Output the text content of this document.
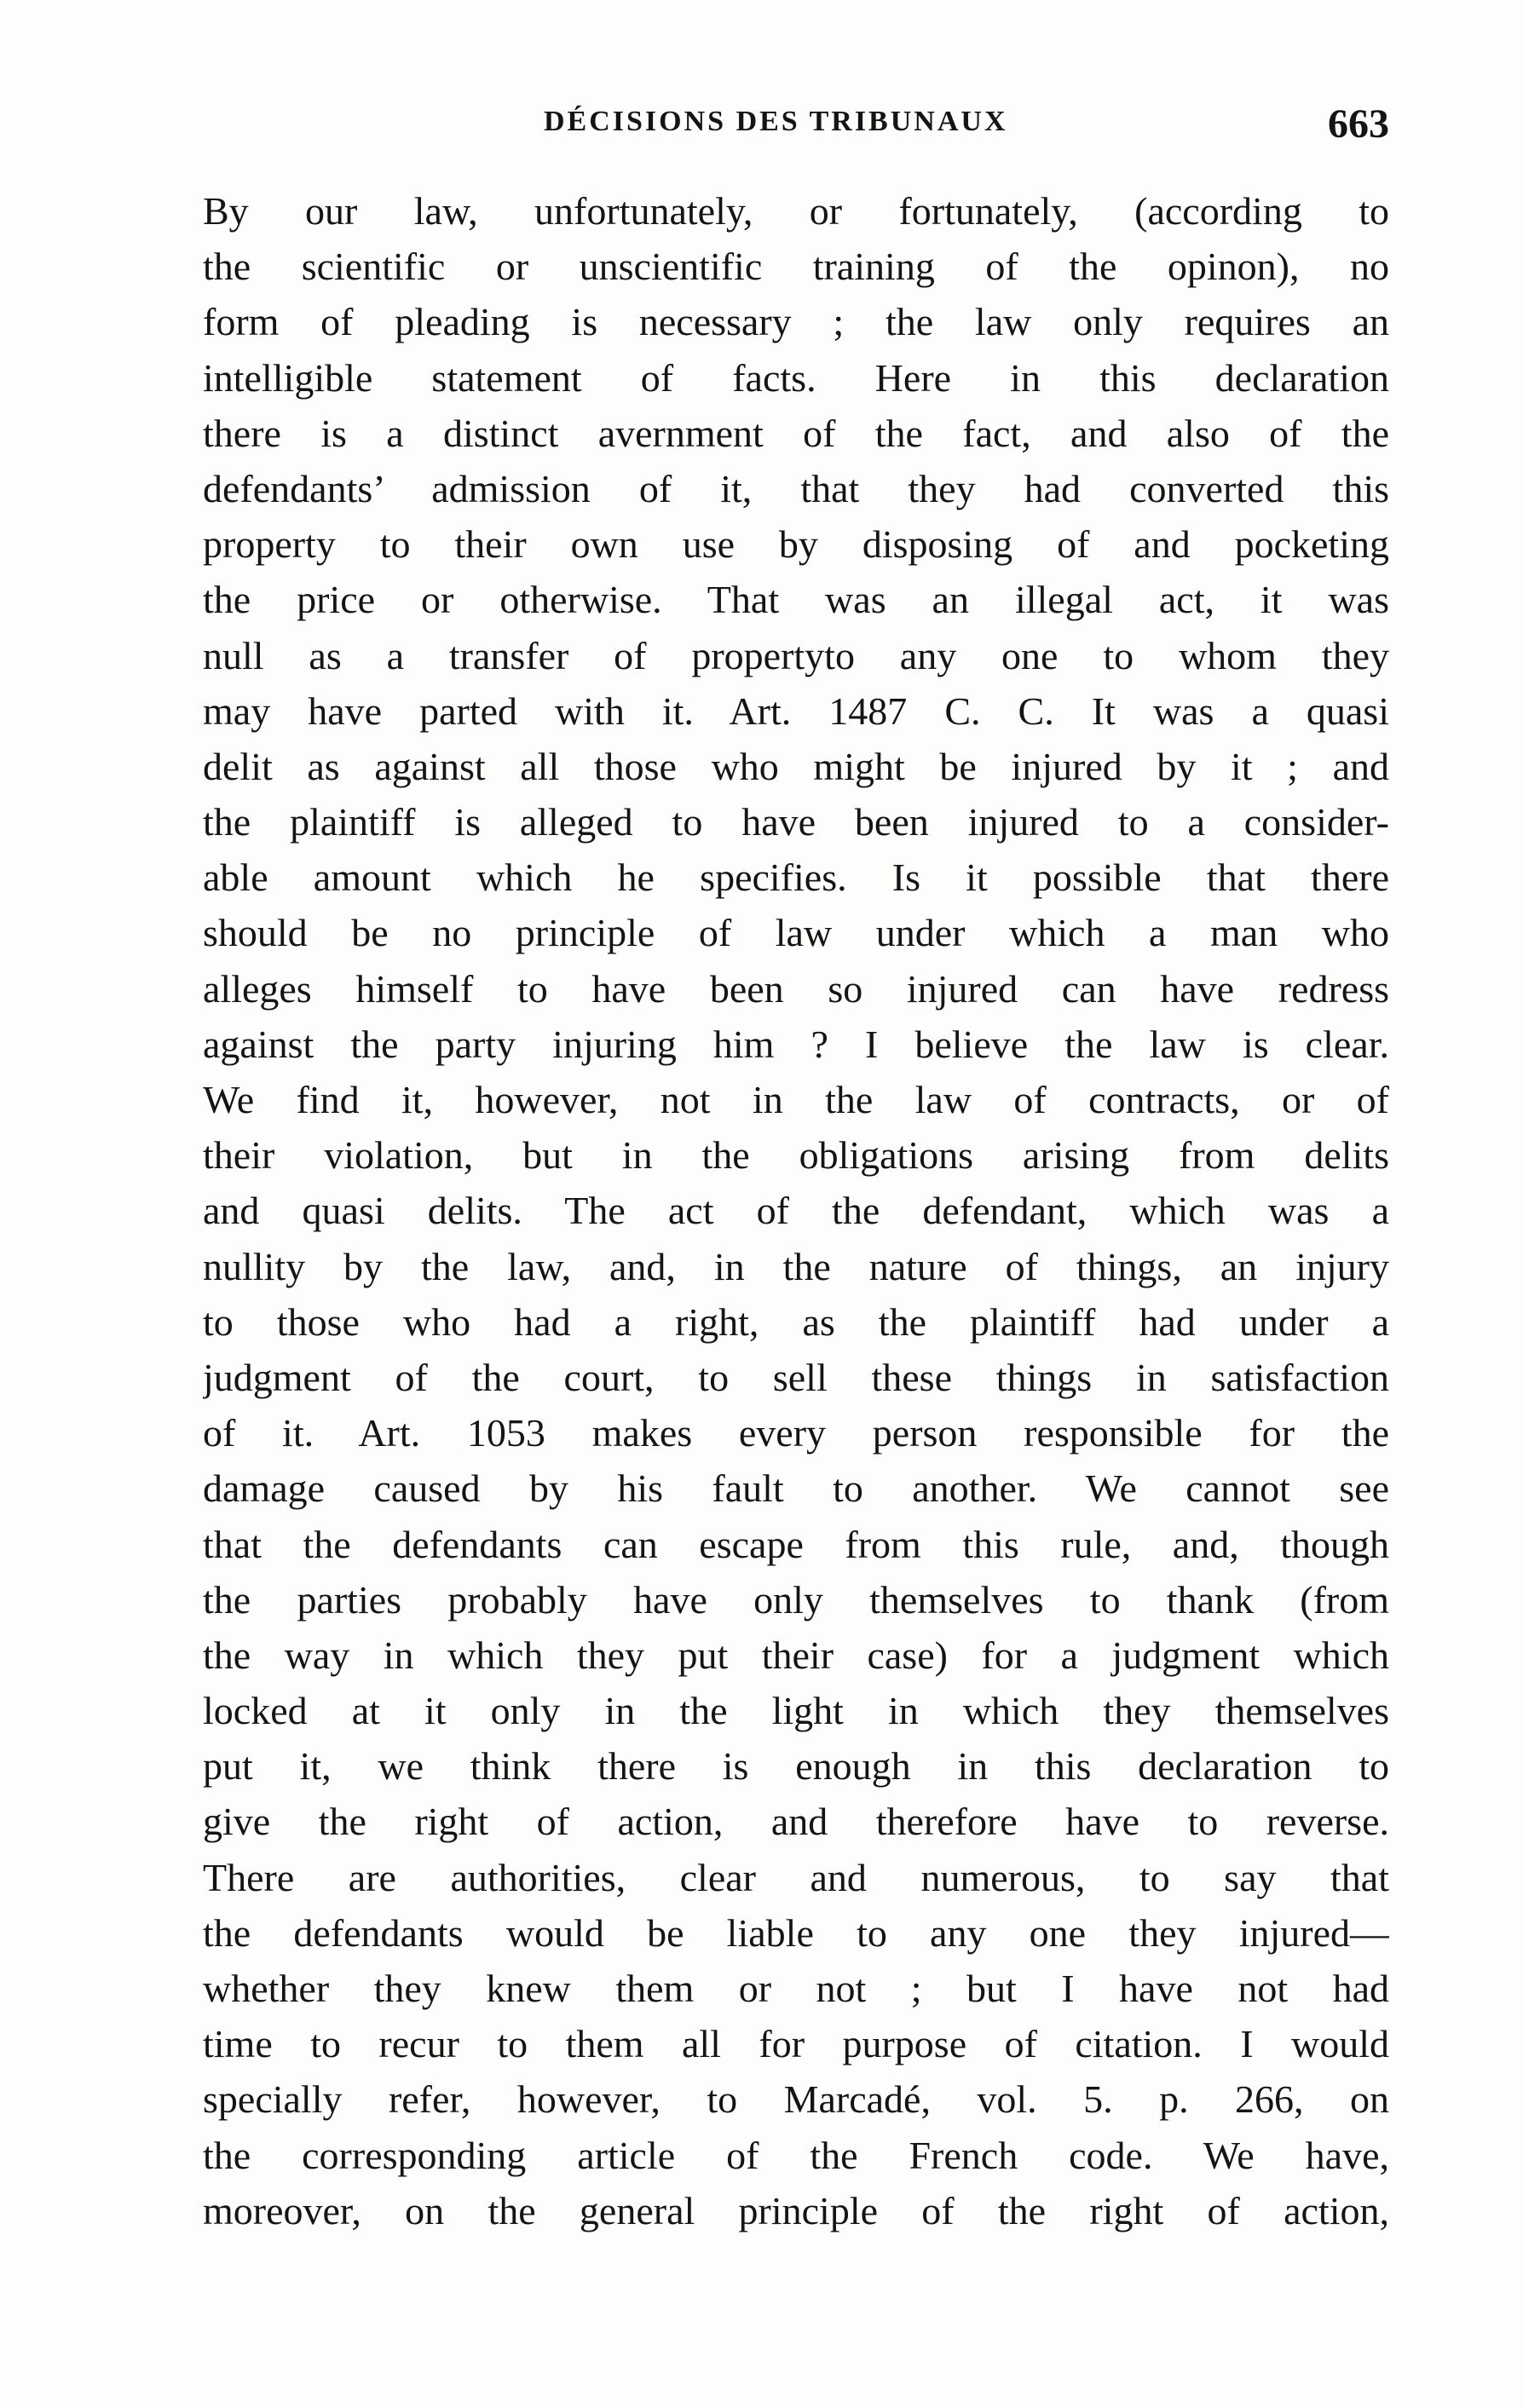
DÉCISIONS DES TRIBUNAUX	663
By our law, unfortunately, or fortunately, (according to
the scientific or unscientific training of the opinon), no
form of pleading is necessary ; the law only requires an
intelligible statement of facts. Here in this declaration
there is a distinct avernment of the fact, and also of the
defendants’ admission of it, that they had converted this
property to their own use by disposing of and pocketing
the price or otherwise. That was an illegal act, it was
null as a transfer of propertyto any one to whom they
may have parted with it. Art. 1487 C. C. It was a quasi
delit as against all those who might be injured by it ; and
the plaintiff is alleged to have been injured to a consider-
able amount which he specifies. Is it possible that there
should be no principle of law under which a man who
alleges himself to have been so injured can have redress
against the party injuring him ? I believe the law is clear.
We find it, however, not in the law of contracts, or of
their violation, but in the obligations arising from delits
and quasi delits. The act of the defendant, which was a
nullity by the law, and, in the nature of things, an injury
to those who had a right, as the plaintiff had under a
judgment of the court, to sell these things in satisfaction
of it. Art. 1053 makes every person responsible for the
damage caused by his fault to another. We cannot see
that the defendants can escape from this rule, and, though
the parties probably have only themselves to thank (from
the way in which they put their case) for a judgment which
locked at it only in the light in which they themselves
put it, we think there is enough in this declaration to
give the right of action, and therefore have to reverse.
There are authorities, clear and numerous, to say that
the defendants would be liable to any one they injured—
whether they knew them or not ; but I have not had
time to recur to them all for purpose of citation. I would
specially refer, however, to Marcadé, vol. 5. p. 266, on
the corresponding article of the French code. We have,
moreover, on the general principle of the right of action,
